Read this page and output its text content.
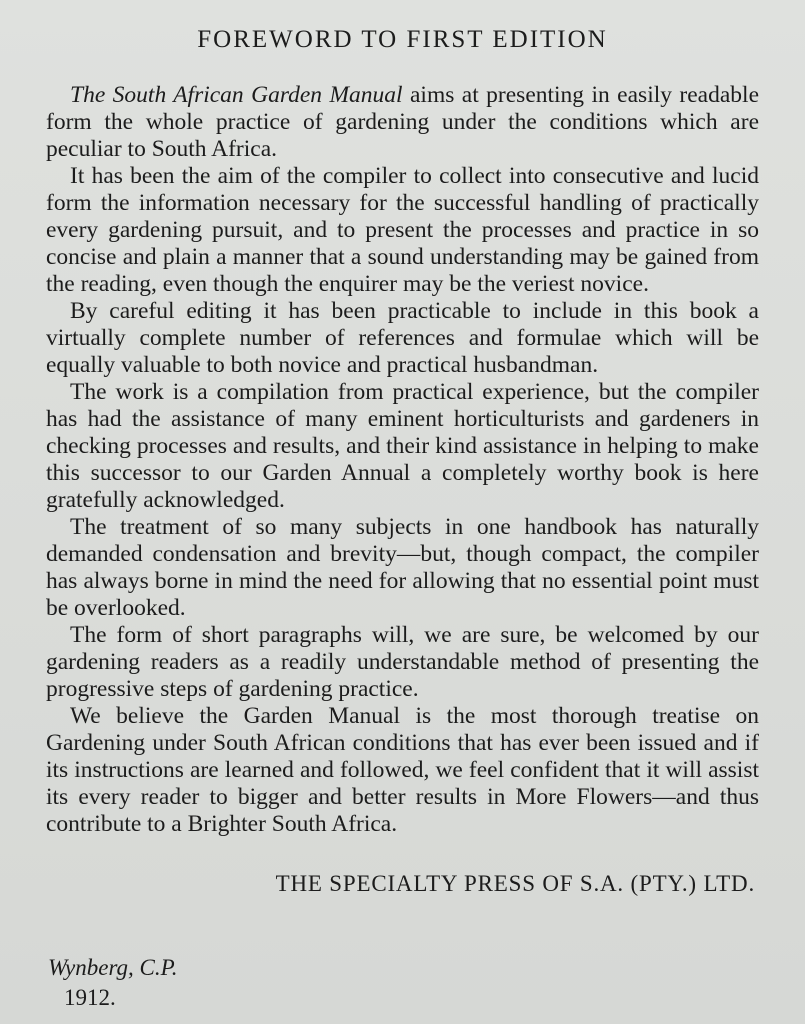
FOREWORD TO FIRST EDITION

The South African Garden Manual aims at presenting in easily readable form the whole practice of gardening under the conditions which are peculiar to South Africa.

It has been the aim of the compiler to collect into consecutive and lucid form the information necessary for the successful handling of practically every gardening pursuit, and to present the processes and practice in so concise and plain a manner that a sound understanding may be gained from the reading, even though the enquirer may be the veriest novice.

By careful editing it has been practicable to include in this book a virtually complete number of references and formulae which will be equally valuable to both novice and practical husbandman.

The work is a compilation from practical experience, but the compiler has had the assistance of many eminent horticulturists and gardeners in checking processes and results, and their kind assistance in helping to make this successor to our Garden Annual a completely worthy book is here gratefully acknowledged.

The treatment of so many subjects in one handbook has naturally demanded condensation and brevity—but, though compact, the compiler has always borne in mind the need for allowing that no essential point must be overlooked.

The form of short paragraphs will, we are sure, be welcomed by our gardening readers as a readily understandable method of presenting the progressive steps of gardening practice.

We believe the Garden Manual is the most thorough treatise on Gardening under South African conditions that has ever been issued and if its instructions are learned and followed, we feel confident that it will assist its every reader to bigger and better results in More Flowers—and thus contribute to a Brighter South Africa.

THE SPECIALTY PRESS OF S.A. (PTY.) LTD.
Wynberg, C.P.
1912.
